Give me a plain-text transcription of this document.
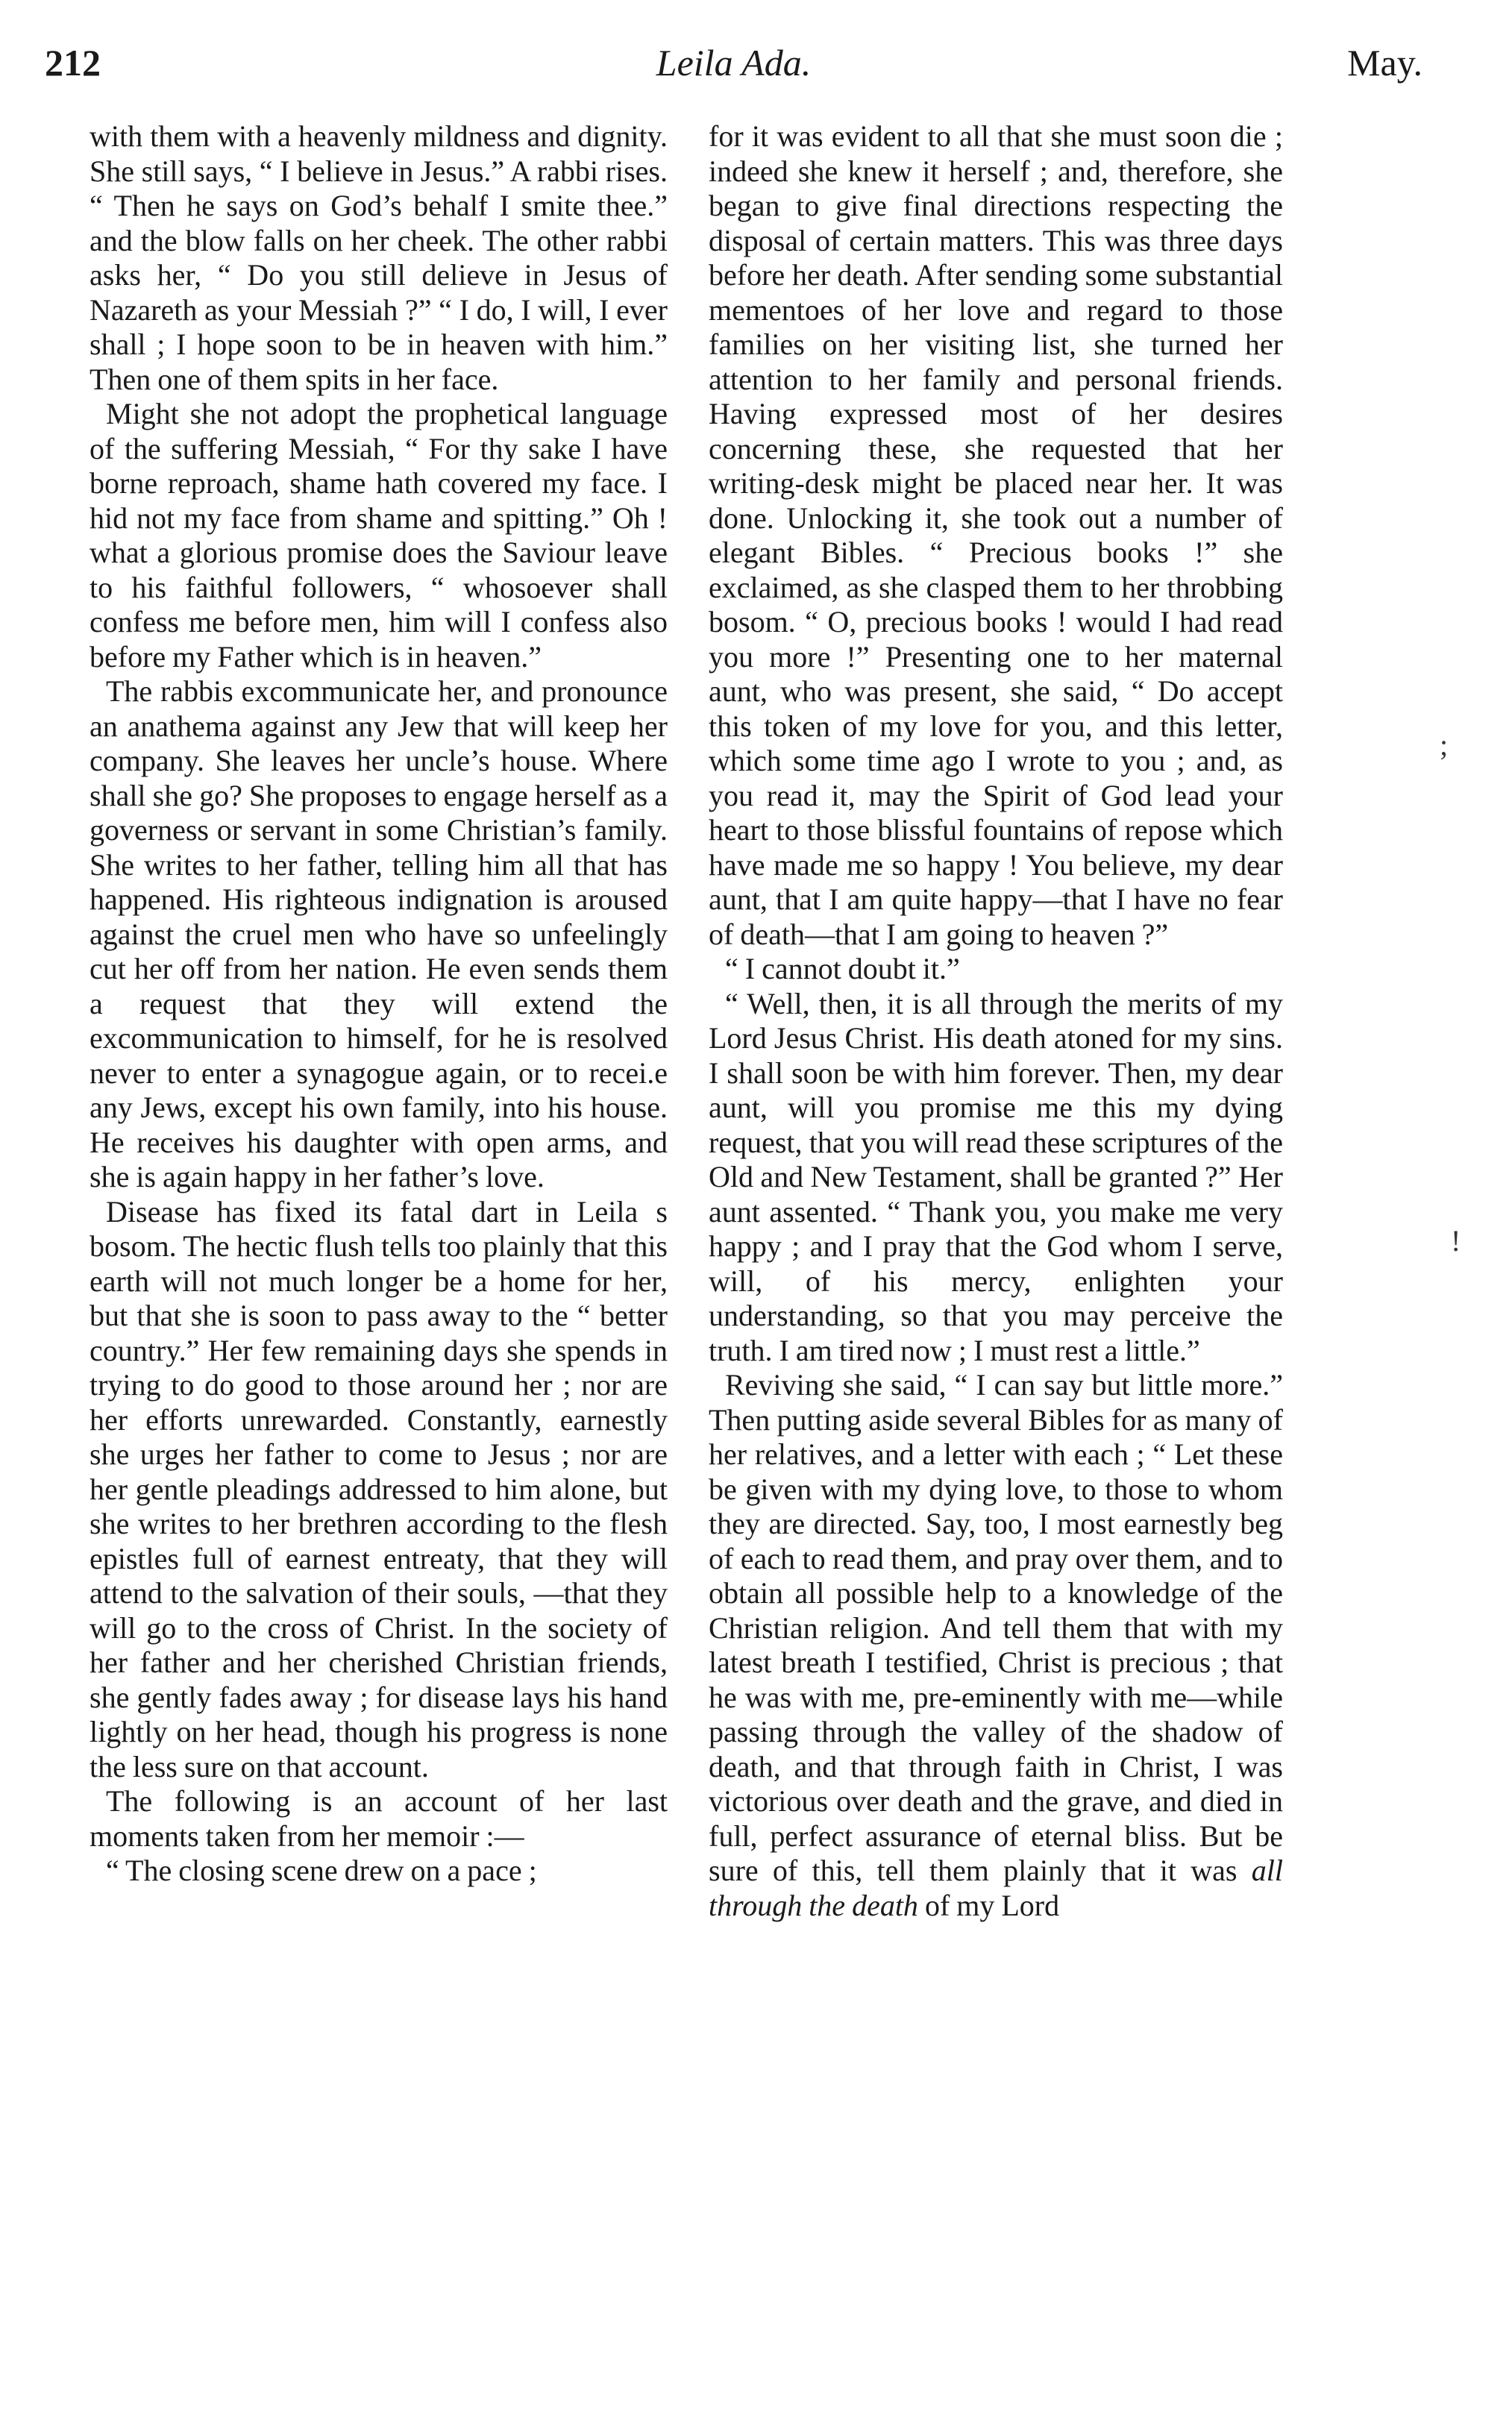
212	Leila Ada.	May.

with them with a heavenly mildness and dignity. She still says, “ I believe in Jesus.” A rabbi rises. “ Then he says on God’s behalf I smite thee.” and the blow falls on her cheek. The other rabbi asks her, “ Do you still delieve in Jesus of Nazareth as your Messiah ?” “ I do, I will, I ever shall ; I hope soon to be in heaven with him.” Then one of them spits in her face.

Might she not adopt the prophetical language of the suffering Messiah, “ For thy sake I have borne reproach, shame hath covered my face. I hid not my face from shame and spitting.” Oh ! what a glorious promise does the Saviour leave to his faithful followers, “ whosoever shall confess me before men, him will I confess also before my Father which is in heaven.”

The rabbis excommunicate her, and pronounce an anathema against any Jew that will keep her company. She leaves her uncle’s house. Where shall she go? She proposes to engage herself as a governess or servant in some Christian’s family. She writes to her father, telling him all that has happened. His righteous indignation is aroused against the cruel men who have so unfeelingly cut her off from her nation. He even sends them a request that they will extend the excommunication to himself, for he is resolved never to enter a synagogue again, or to recei.e any Jews, except his own family, into his house. He receives his daughter with open arms, and she is again happy in her father’s love.

Disease has fixed its fatal dart in Leila s bosom. The hectic flush tells too plainly that this earth will not much longer be a home for her, but that she is soon to pass away to the “ better country.” Her few remaining days she spends in trying to do good to those around her ; nor are her efforts unrewarded. Constantly, earnestly she urges her father to come to Jesus ; nor are her gentle pleadings addressed to him alone, but she writes to her brethren according to the flesh epistles full of earnest entreaty, that they will attend to the salvation of their souls, —that they will go to the cross of Christ. In the society of her father and her cherished Christian friends, she gently fades away ; for disease lays his hand lightly on her head, though his progress is none the less sure on that account.

The following is an account of her last moments taken from her memoir :—

“ The closing scene drew on a pace ;

for it was evident to all that she must soon die ; indeed she knew it herself ; and, therefore, she began to give final directions respecting the disposal of certain matters. This was three days before her death. After sending some substantial mementoes of her love and regard to those families on her visiting list, she turned her attention to her family and personal friends. Having expressed most of her desires concerning these, she requested that her writing-desk might be placed near her. It was done. Unlocking it, she took out a number of elegant Bibles. “ Precious books !” she exclaimed, as she clasped them to her throbbing bosom. “ O, precious books ! would I had read you more !” Presenting one to her maternal aunt, who was present, she said, “ Do accept this token of my love for you, and this letter, which some time ago I wrote to you ; and, as you read it, may the Spirit of God lead your heart to those blissful fountains of repose which have made me so happy ! You believe, my dear aunt, that I am quite happy—that I have no fear of death—that I am going to heaven ?”

“ I cannot doubt it.”

“ Well, then, it is all through the merits of my Lord Jesus Christ. His death atoned for my sins. I shall soon be with him forever. Then, my dear aunt, will you promise me this my dying request, that you will read these scriptures of the Old and New Testament, shall be granted ?” Her aunt assented. “ Thank you, you make me very happy ; and I pray that the God whom I serve, will, of his mercy, enlighten your understanding, so that you may perceive the truth. I am tired now ; I must rest a little.”

Reviving she said, “ I can say but little more.” Then putting aside several Bibles for as many of her relatives, and a letter with each ; “ Let these be given with my dying love, to those to whom they are directed. Say, too, I most earnestly beg of each to read them, and pray over them, and to obtain all possible help to a knowledge of the Christian religion. And tell them that with my latest breath I testified, Christ is precious ; that he was with me, pre-eminently with me—while passing through the valley of the shadow of death, and that through faith in Christ, I was victorious over death and the grave, and died in full, perfect assurance of eternal bliss. But be sure of this, tell them plainly that it was all through the death of my Lord

;
!
